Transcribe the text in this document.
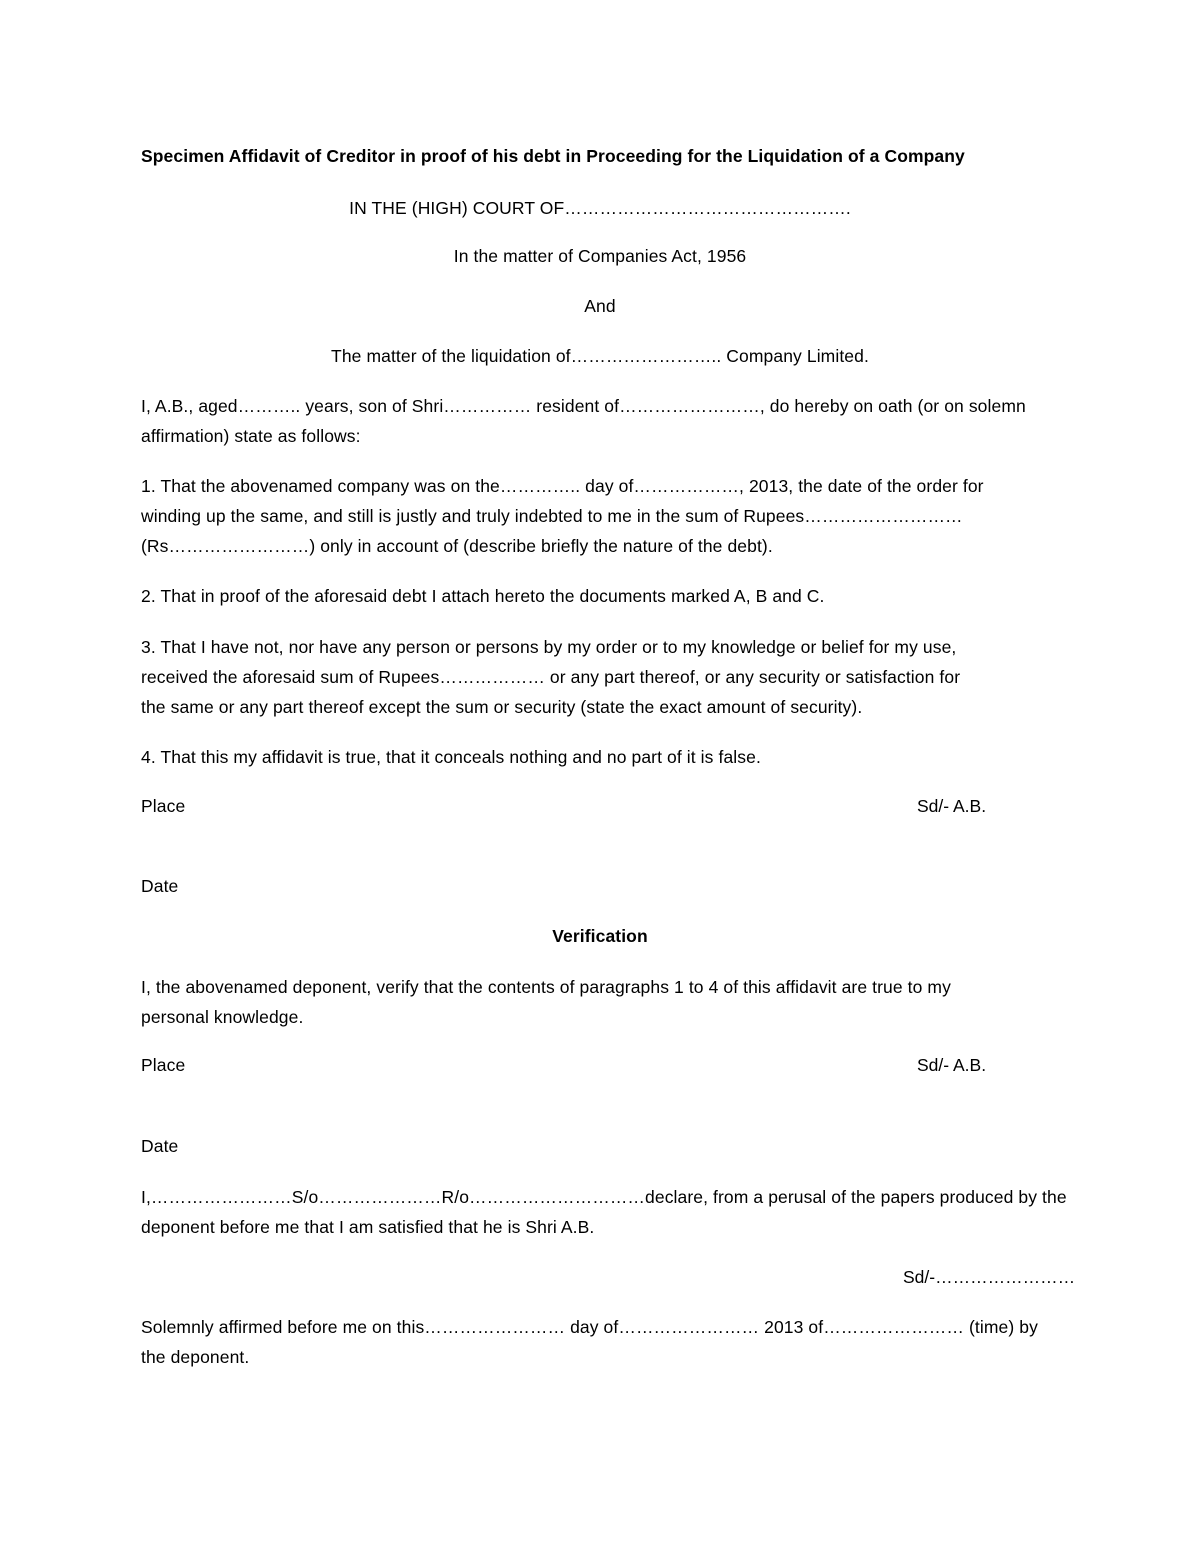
Specimen Affidavit of Creditor in proof of his debt in Proceeding for the Liquidation of a Company
IN THE (HIGH) COURT OF………………………………………….
In the matter of Companies Act, 1956
And
The matter of the liquidation of…………………….. Company Limited.
I, A.B., aged……….. years, son of Shri…………… resident of……………………, do hereby on oath (or on solemn
affirmation) state as follows:
1. That the abovenamed company was on the………….. day of………………, 2013, the date of the order for
winding up the same, and still is justly and truly indebted to me in the sum of Rupees………………………
(Rs……………………) only in account of (describe briefly the nature of the debt).
2. That in proof of the aforesaid debt I attach hereto the documents marked A, B and C.
3. That I have not, nor have any person or persons by my order or to my knowledge or belief for my use,
received the aforesaid sum of Rupees……………… or any part thereof, or any security or satisfaction for
the same or any part thereof except the sum or security (state the exact amount of security).
4. That this my affidavit is true, that it conceals nothing and no part of it is false.
Place	Sd/- A.B.
Date
Verification
I, the abovenamed deponent, verify that the contents of paragraphs 1 to 4 of this affidavit are true to my
personal knowledge.
Place	Sd/- A.B.
Date
I,……………………S/o…………………R/o…………………………declare, from a perusal of the papers produced by the
deponent before me that I am satisfied that he is Shri A.B.
Sd/-……………………
Solemnly affirmed before me on this…………………… day of…………………… 2013 of…………………… (time) by
the deponent.
